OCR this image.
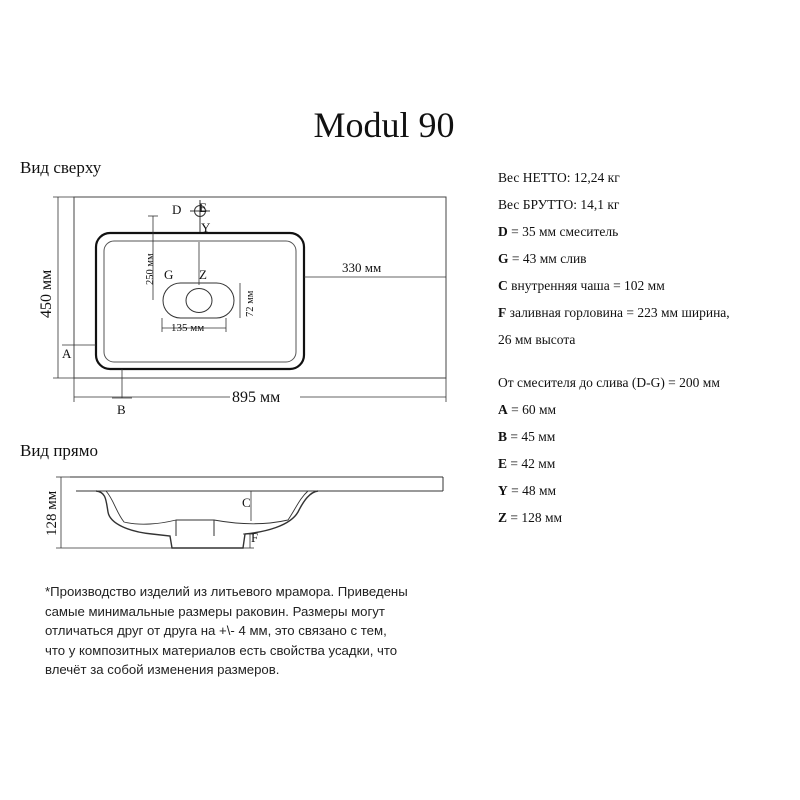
Modul 90
Вид сверху
Вид прямо
D E
Y
G Z
A
B
330 мм
895 мм
450 мм
250 мм
135 мм
72 мм
C
F
128 мм
Вес НЕТТО: 12,24 кг
Вес БРУТТО: 14,1 кг
D = 35 мм смеситель
G = 43 мм слив
C внутренняя чаша = 102 мм
F заливная горловина = 223 мм ширина,
26 мм высота
От смесителя до слива (D-G) = 200 мм
A = 60 мм
B = 45 мм
E = 42 мм
Y = 48 мм
Z = 128 мм
*Производство изделий из литьевого мрамора. Приведены
самые минимальные размеры раковин. Размеры могут
отличаться друг от друга на +\- 4 мм, это связано с тем,
что у композитных материалов есть свойства усадки, что
влечёт за собой изменения размеров.
